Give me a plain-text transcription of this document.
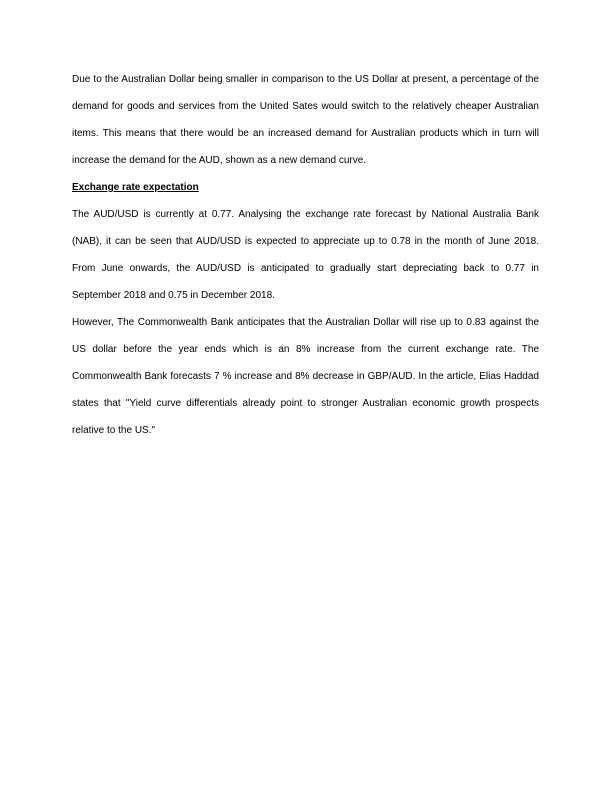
Due to the Australian Dollar being smaller in comparison to the US Dollar at present, a percentage of the demand for goods and services from the United Sates would switch to the relatively cheaper Australian items. This means that there would be an increased demand for Australian products which in turn will increase the demand for the AUD, shown as a new demand curve.

Exchange rate expectation

The AUD/USD is currently at 0.77. Analysing the exchange rate forecast by National Australia Bank (NAB), it can be seen that AUD/USD is expected to appreciate up to 0.78 in the month of June 2018. From June onwards, the AUD/USD is anticipated to gradually start depreciating back to 0.77 in September 2018 and 0.75 in December 2018.

However, The Commonwealth Bank anticipates that the Australian Dollar will rise up to 0.83 against the US dollar before the year ends which is an 8% increase from the current exchange rate. The Commonwealth Bank forecasts 7 % increase and 8% decrease in GBP/AUD. In the article, Elias Haddad states that "Yield curve differentials already point to stronger Australian economic growth prospects relative to the US."
